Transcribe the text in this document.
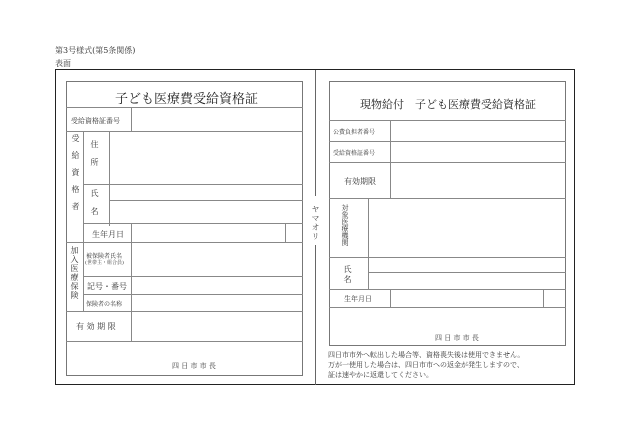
第3号様式(第5条関係)
表面
ヤマオリ
子ども医療費受給資格証
受給資格証番号
受給資格者 住所
氏名
生年月日
加入医療保険 被保険者氏名
(世帯主・組合員)
記号・番号
保険者の名称
有 効 期 限
四 日 市 市 長
現物給付　子ども医療費受給資格証
公費負担者番号
受給資格証番号
有効期限
対象医療機関
氏名
生年月日
四 日 市 市 長
四日市市外へ転出した場合等、資格喪失後は使用できません。
万が一使用した場合は、四日市市への返金が発生しますので、
証は速やかに返還してください。
